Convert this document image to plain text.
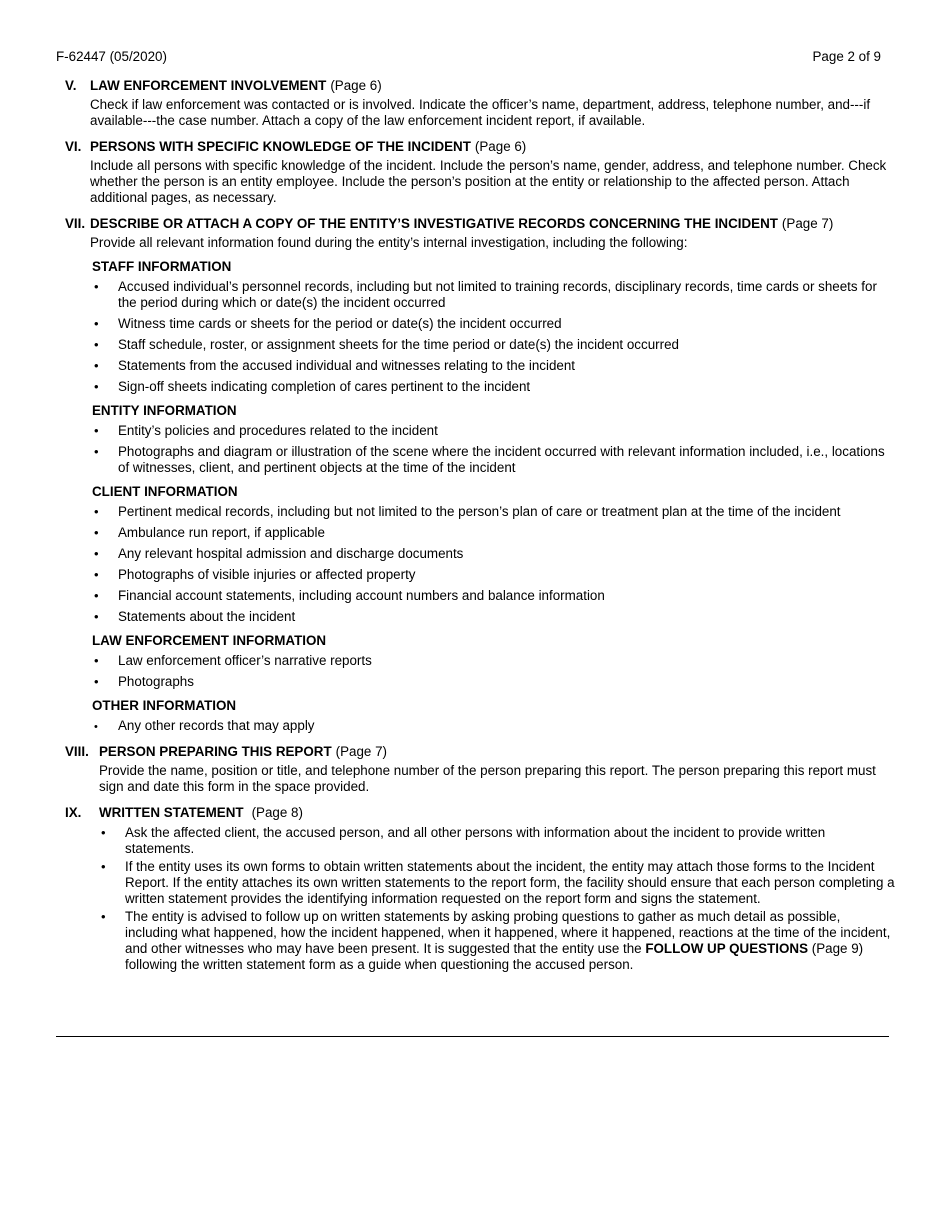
F-62447 (05/2020)	Page 2 of 9
V.	LAW ENFORCEMENT INVOLVEMENT (Page 6)
Check if law enforcement was contacted or is involved. Indicate the officer’s name, department, address, telephone number, and---if available---the case number. Attach a copy of the law enforcement incident report, if available.
VI. PERSONS WITH SPECIFIC KNOWLEDGE OF THE INCIDENT (Page 6)
Include all persons with specific knowledge of the incident. Include the person’s name, gender, address, and telephone number. Check whether the person is an entity employee. Include the person’s position at the entity or relationship to the affected person. Attach additional pages, as necessary.
VII. DESCRIBE OR ATTACH A COPY OF THE ENTITY’S INVESTIGATIVE RECORDS CONCERNING THE INCIDENT (Page 7)
Provide all relevant information found during the entity’s internal investigation, including the following:
STAFF INFORMATION
• Accused individual’s personnel records, including but not limited to training records, disciplinary records, time cards or sheets for the period during which or date(s) the incident occurred
• Witness time cards or sheets for the period or date(s) the incident occurred
• Staff schedule, roster, or assignment sheets for the time period or date(s) the incident occurred
• Statements from the accused individual and witnesses relating to the incident
• Sign-off sheets indicating completion of cares pertinent to the incident
ENTITY INFORMATION
• Entity’s policies and procedures related to the incident
• Photographs and diagram or illustration of the scene where the incident occurred with relevant information included, i.e., locations of witnesses, client, and pertinent objects at the time of the incident
CLIENT INFORMATION
• Pertinent medical records, including but not limited to the person’s plan of care or treatment plan at the time of the incident
• Ambulance run report, if applicable
• Any relevant hospital admission and discharge documents
• Photographs of visible injuries or affected property
• Financial account statements, including account numbers and balance information
• Statements about the incident
LAW ENFORCEMENT INFORMATION
• Law enforcement officer’s narrative reports
• Photographs
OTHER INFORMATION
• Any other records that may apply
VIII. PERSON PREPARING THIS REPORT (Page 7)
Provide the name, position or title, and telephone number of the person preparing this report. The person preparing this report must sign and date this form in the space provided.
IX.	WRITTEN STATEMENT (Page 8)
• Ask the affected client, the accused person, and all other persons with information about the incident to provide written statements.
• If the entity uses its own forms to obtain written statements about the incident, the entity may attach those forms to the Incident Report. If the entity attaches its own written statements to the report form, the facility should ensure that each person completing a written statement provides the identifying information requested on the report form and signs the statement.
• The entity is advised to follow up on written statements by asking probing questions to gather as much detail as possible, including what happened, how the incident happened, when it happened, where it happened, reactions at the time of the incident, and other witnesses who may have been present. It is suggested that the entity use the FOLLOW UP QUESTIONS (Page 9) following the written statement form as a guide when questioning the accused person.
